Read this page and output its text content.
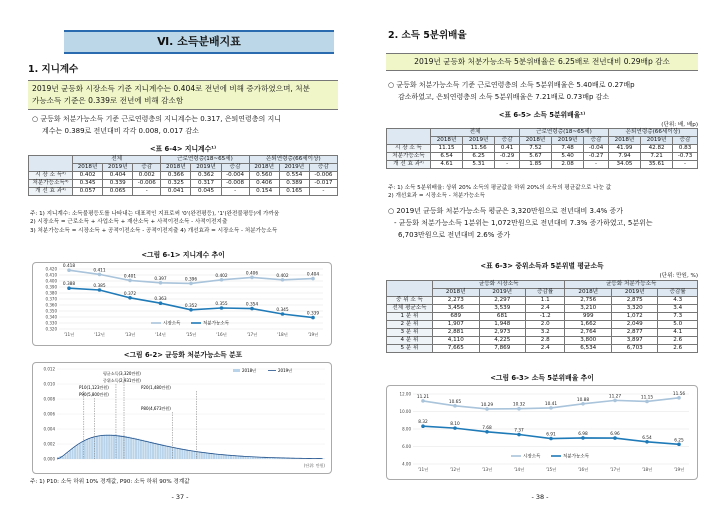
Ⅵ. 소득분배지표
1. 지니계수
2019년 균등화 시장소득 기준 지니계수는 0.404로 전년에 비해 증가하였으며, 처분
가능소득 기준은 0.339로 전년에 비해 감소함
○ 균등화 처분가능소득 기준 근로연령층의 지니계수는 0.317, 은퇴연령층의 지니
계수는 0.389로 전년대비 각각 0.008, 0.017 감소
<표 6-4> 지니계수¹⁾
	전체			근로연령층(18~65세)			은퇴연령층(66세이상)		
	2018년	2019년	증감	2018년	2019년	증감	2018년	2019년	증감
시 장 소 득²⁾	0.402	0.404	0.002	0.366	0.362	-0.004	0.560	0.554	-0.006
처분가능소득³⁾	0.345	0.339	-0.006	0.325	0.317	-0.008	0.406	0.389	-0.017
개 선 효 과⁴⁾	0.057	0.065	-	0.041	0.045	-	0.154	0.165	-
주: 1) 지니계수: 소득불평등도를 나타내는 대표적인 지표로써 '0'(완전평등), '1'(완전불평등)에 가까움
2) 시장소득 = 근로소득 + 사업소득 + 재산소득 + 사적이전소득 - 사적이전지출
3) 처분가능소득 = 시장소득 + 공적이전소득 - 공적이전지출 4) 개선효과 = 시장소득 - 처분가능소득
<그림 6-1> 지니계수 추이
0.420
0.410
0.400
0.390
0.380
0.370
0.360
0.350
0.340
0.330
0.320
'11년	'12년	'13년	'14년	'15년	'16년	'17년	'18년	'19년
0.418
0.411
0.401	0.397	0.396
0.402	0.406	0.402	0.404
0.388	0.385
0.372
0.363
0.352	0.355	0.354
0.345
0.339
시장소득	처분가능소득
<그림 6-2> 균등화 처분가능소득 분포
0.012
0.010
0.008
0.006
0.004
0.002
0.000
평균소득(3,320만원)
중위소득(2,931만원)
P10(1,123만원)
P90(5,800만원)
P20(1,480만원)
P80(4,673만원)
2018년	2019년
(단위: 만원)
주: 1) P10: 소득 하위 10% 경계값, P90: 소득 하위 90% 경계값
- 37 -
2. 소득 5분위배율
2019년 균등화 처분가능소득 5분위배율은 6.25배로 전년대비 0.29배p 감소
○ 균등화 처분가능소득 기준 근로연령층의 소득 5분위배율은 5.40배로 0.27배p
감소하였고, 은퇴연령층의 소득 5분위배율은 7.21배로 0.73배p 감소
<표 6-5> 소득 5분위배율¹⁾
(단위: 배, 배p)
	전체			근로연령층(18~65세)			은퇴연령층(66세이상)		
	2018년	2019년	증감	2018년	2019년	증감	2018년	2019년	증감
시 장 소 득	11.15	11.56	0.41	7.52	7.48	-0.04	41.99	42.82	0.83
처분가능소득	6.54	6.25	-0.29	5.67	5.40	-0.27	7.94	7.21	-0.73
개 선 효 과²⁾	4.61	5.31	-	1.85	2.08	-	34.05	35.61	-
주: 1) 소득 5분위배율: 상위 20% 소득의 평균값을 하위 20%의 소득의 평균값으로 나눈 값
2) 개선효과 = 시장소득 - 처분가능소득
○ 2019년 균등화 처분가능소득 평균은 3,320만원으로 전년대비 3.4% 증가
- 균등화 처분가능소득 1분위는 1,072만원으로 전년대비 7.3% 증가하였고, 5분위는
6,703만원으로 전년대비 2.6% 증가
<표 6-3> 중위소득과 5분위별 평균소득
(단위: 만원, %)
	균등화 시장소득			균등화 처분가능소득		
	2018년	2019년	증감률	2018년	2019년	증감률
중 위 소 득	2,273	2,297	1.1	2,756	2,875	4.3
전체 평균소득	3,456	3,539	2.4	3,210	3,320	3.4
1 분 위	689	681	-1.2	999	1,072	7.3
2 분 위	1,907	1,948	2.0	1,662	2,049	5.0
3 분 위	2,881	2,973	3.2	2,764	2,877	4.1
4 분 위	4,110	4,225	2.8	3,800	3,897	2.6
5 분 위	7,665	7,869	2.4	6,534	6,703	2.6
<그림 6-3> 소득 5분위배율 추이
12.00
10.00
8.00
6.00
4.00
'11년	'12년	'13년	'14년	'15년	'16년	'17년	'18년	'19년
11.21
10.65
10.29	10.32	10.41
10.88
11.27	11.15
11.56
8.32	8.10
7.68
7.37
6.91	6.98	6.96
6.54
6.25
시장소득	처분가능소득
- 38 -
